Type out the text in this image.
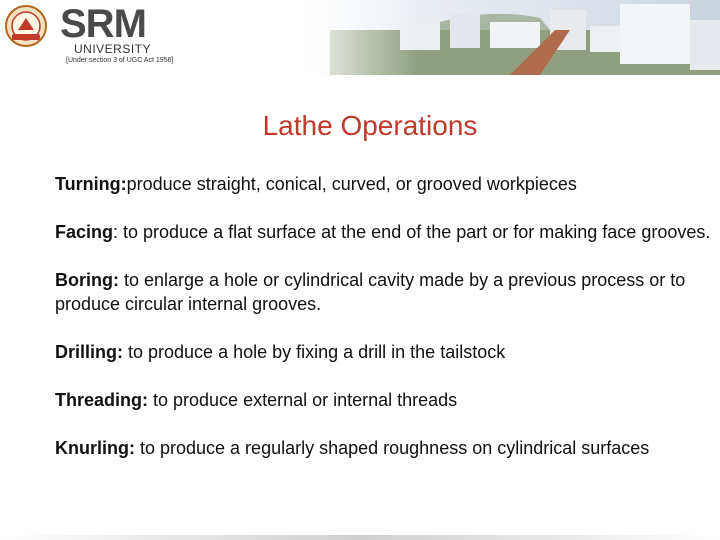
SRM
UNIVERSITY
[Under section 3 of UGC Act 1956]
Lathe Operations
Turning:produce straight, conical, curved, or grooved workpieces
Facing: to produce a flat surface at the end of the part or for making face grooves.
Boring: to enlarge a hole or cylindrical cavity made by a previous process or to produce circular internal grooves.
Drilling: to produce a hole by fixing a drill in the tailstock
Threading: to produce external or internal threads
Knurling: to produce a regularly shaped roughness on cylindrical surfaces
